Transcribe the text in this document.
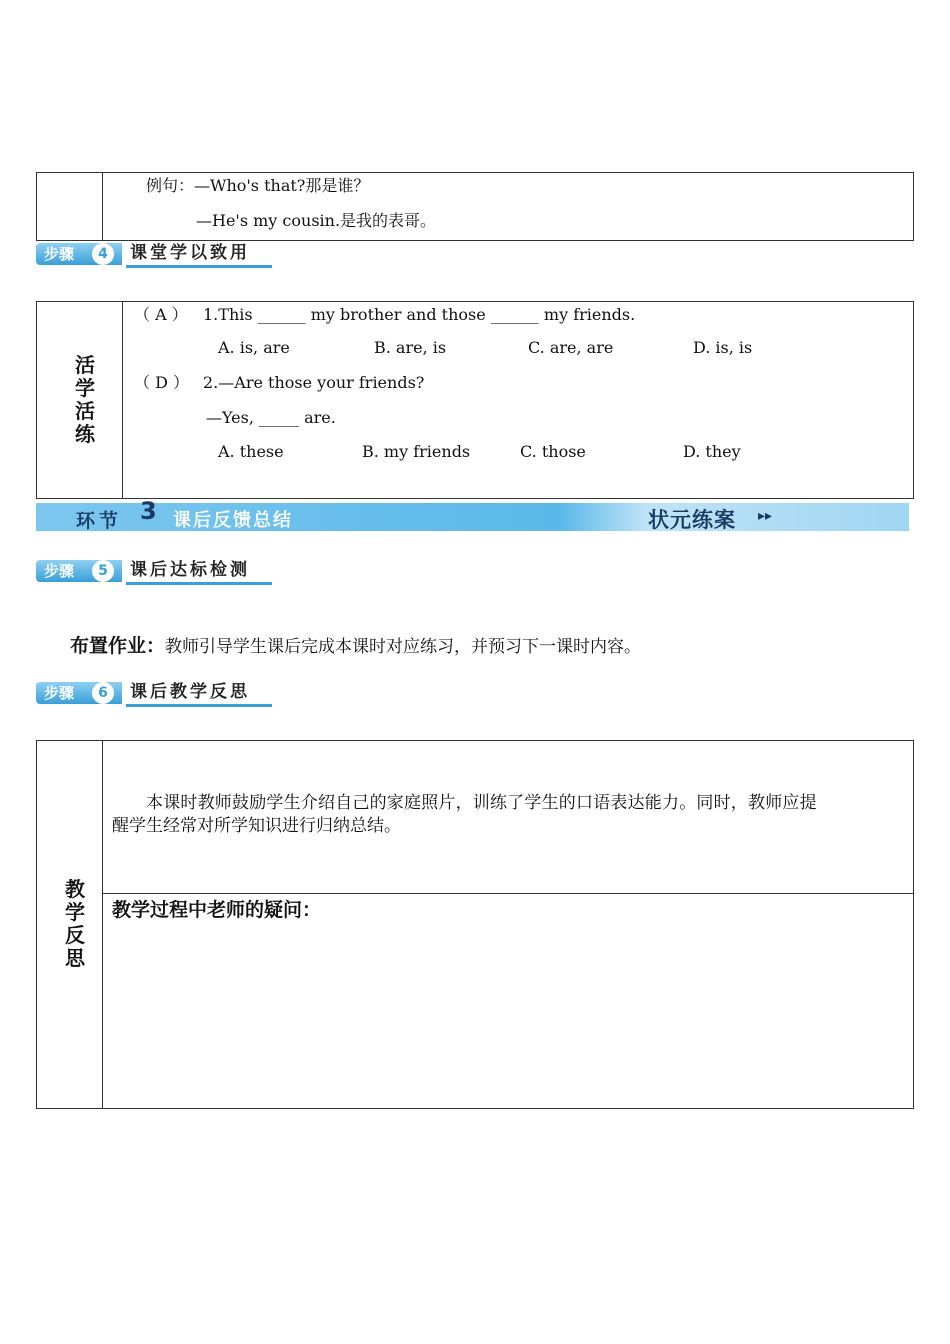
例句：—Who's that?那是谁？
—He's my cousin.是我的表哥。
步骤	4	课堂学以致用
活学活练
（ A ） 1.This ______ my brother and those ______ my friends.
A. is, are	B. are, is	C. are, are	D. is, is
（ D ） 2.—Are those your friends?
—Yes, _____ are.
A. these	B. my friends	C. those	D. they
环节 3 课后反馈总结	状元练案 ▸▸
步骤	5	课后达标检测
布置作业：教师引导学生课后完成本课时对应练习，并预习下一课时内容。
步骤	6	课后教学反思
教学反思
本课时教师鼓励学生介绍自己的家庭照片，训练了学生的口语表达能力。同时，教师应提
醒学生经常对所学知识进行归纳总结。
教学过程中老师的疑问：
